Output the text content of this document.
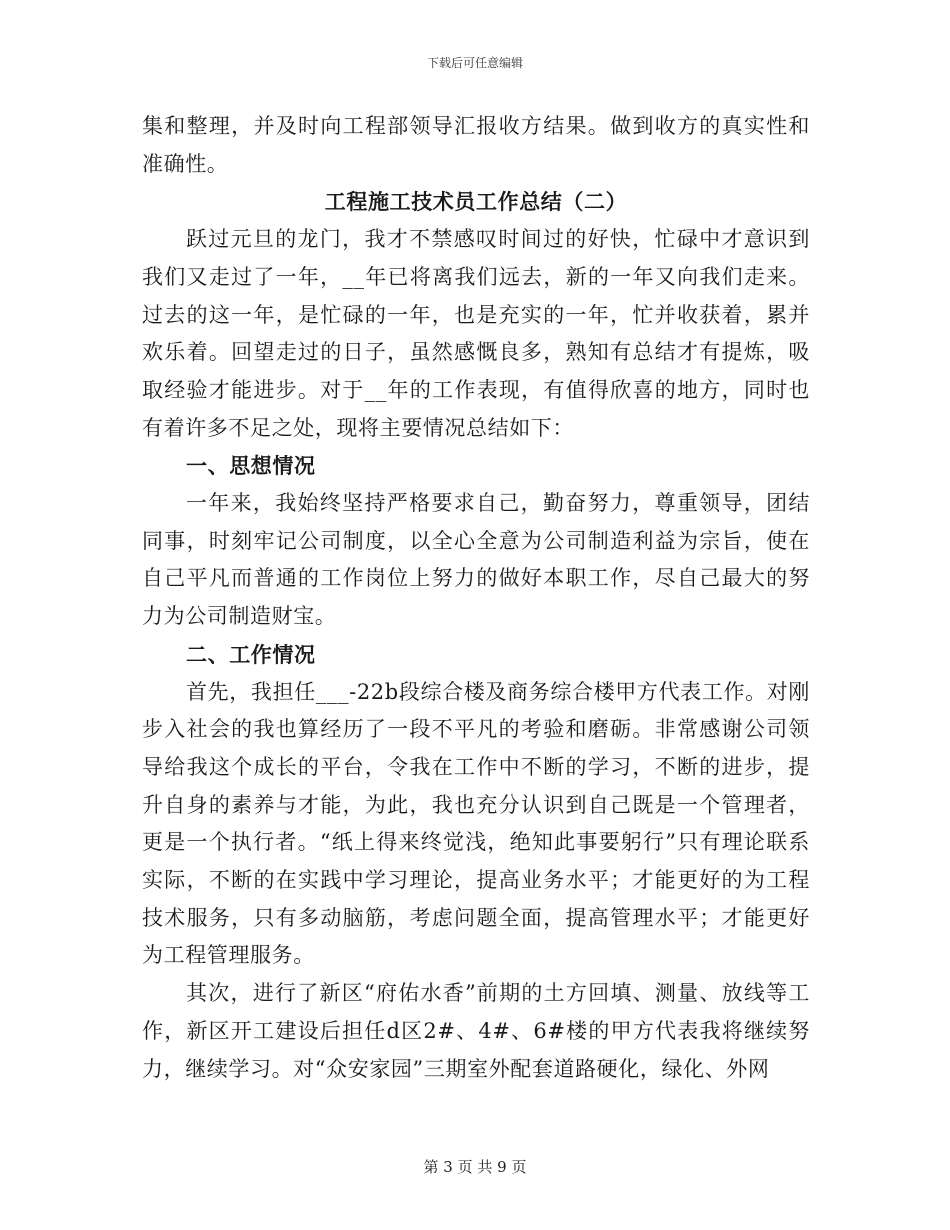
下载后可任意编辑

集和整理，并及时向工程部领导汇报收方结果。做到收方的真实性和准确性。

工程施工技术员工作总结（二）

跃过元旦的龙门，我才不禁感叹时间过的好快，忙碌中才意识到我们又走过了一年，__年已将离我们远去，新的一年又向我们走来。过去的这一年，是忙碌的一年，也是充实的一年，忙并收获着，累并欢乐着。回望走过的日子，虽然感慨良多，熟知有总结才有提炼，吸取经验才能进步。对于__年的工作表现，有值得欣喜的地方，同时也有着许多不足之处，现将主要情况总结如下：

一、思想情况

一年来，我始终坚持严格要求自己，勤奋努力，尊重领导，团结同事，时刻牢记公司制度，以全心全意为公司制造利益为宗旨，使在自己平凡而普通的工作岗位上努力的做好本职工作，尽自己最大的努力为公司制造财宝。

二、工作情况

首先，我担任___-22b段综合楼及商务综合楼甲方代表工作。对刚步入社会的我也算经历了一段不平凡的考验和磨砺。非常感谢公司领导给我这个成长的平台，令我在工作中不断的学习，不断的进步，提升自身的素养与才能，为此，我也充分认识到自己既是一个管理者，更是一个执行者。“纸上得来终觉浅，绝知此事要躬行”只有理论联系实际，不断的在实践中学习理论，提高业务水平；才能更好的为工程技术服务，只有多动脑筋，考虑问题全面，提高管理水平；才能更好为工程管理服务。

其次，进行了新区“府佑水香”前期的土方回填、测量、放线等工作，新区开工建设后担任d区2#、4#、6#楼的甲方代表我将继续努力，继续学习。对“众安家园”三期室外配套道路硬化，绿化、外网

第 3 页 共 9 页
